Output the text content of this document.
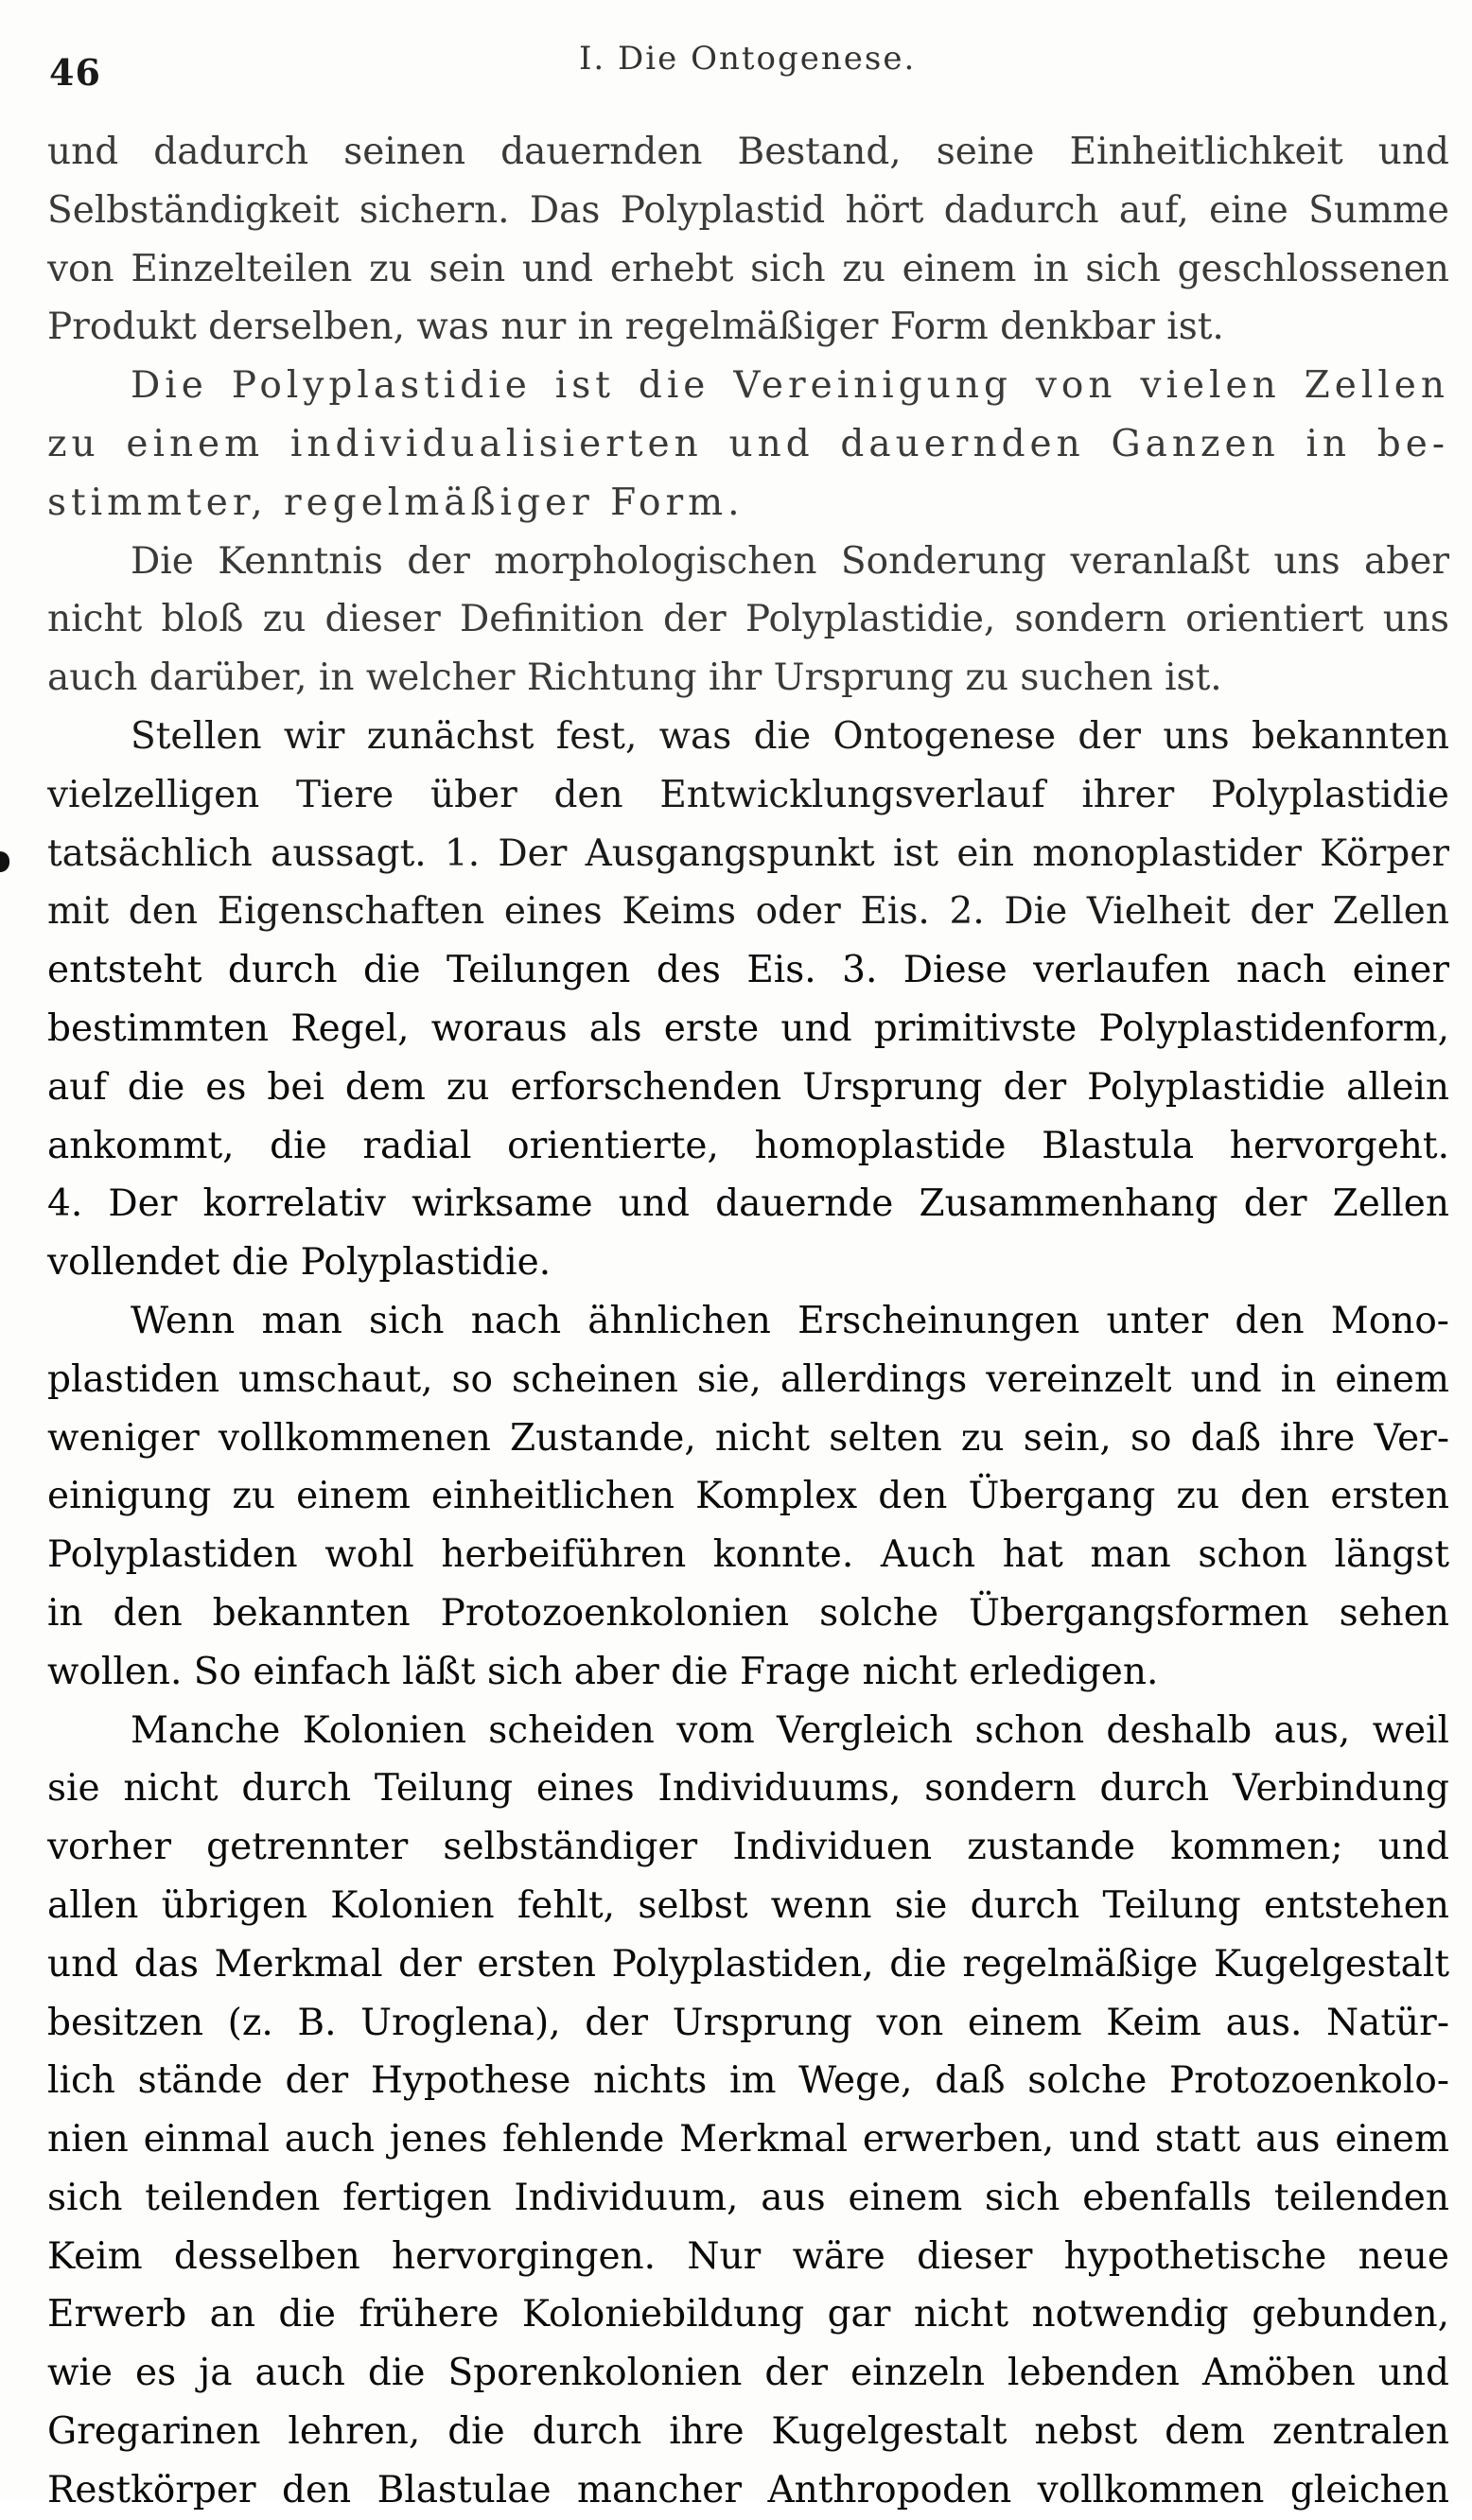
46	I. Die Ontogenese.
und dadurch seinen dauernden Bestand, seine Einheitlichkeit und
Selbständigkeit sichern. Das Polyplastid hört dadurch auf, eine Summe
von Einzelteilen zu sein und erhebt sich zu einem in sich geschlossenen
Produkt derselben, was nur in regelmäßiger Form denkbar ist.
Die Polyplastidie ist die Vereinigung von vielen Zellen
zu einem individualisierten und dauernden Ganzen in be-
stimmter, regelmäßiger Form.
Die Kenntnis der morphologischen Sonderung veranlaßt uns aber
nicht bloß zu dieser Definition der Polyplastidie, sondern orientiert uns
auch darüber, in welcher Richtung ihr Ursprung zu suchen ist.
Stellen wir zunächst fest, was die Ontogenese der uns bekannten
vielzelligen Tiere über den Entwicklungsverlauf ihrer Polyplastidie
tatsächlich aussagt. 1. Der Ausgangspunkt ist ein monoplastider Körper
mit den Eigenschaften eines Keims oder Eis. 2. Die Vielheit der Zellen
entsteht durch die Teilungen des Eis. 3. Diese verlaufen nach einer
bestimmten Regel, woraus als erste und primitivste Polyplastidenform,
auf die es bei dem zu erforschenden Ursprung der Polyplastidie allein
ankommt, die radial orientierte, homoplastide Blastula hervorgeht.
4. Der korrelativ wirksame und dauernde Zusammenhang der Zellen
vollendet die Polyplastidie.
Wenn man sich nach ähnlichen Erscheinungen unter den Mono-
plastiden umschaut, so scheinen sie, allerdings vereinzelt und in einem
weniger vollkommenen Zustande, nicht selten zu sein, so daß ihre Ver-
einigung zu einem einheitlichen Komplex den Übergang zu den ersten
Polyplastiden wohl herbeiführen konnte. Auch hat man schon längst
in den bekannten Protozoenkolonien solche Übergangsformen sehen
wollen. So einfach läßt sich aber die Frage nicht erledigen.
Manche Kolonien scheiden vom Vergleich schon deshalb aus, weil
sie nicht durch Teilung eines Individuums, sondern durch Verbindung
vorher getrennter selbständiger Individuen zustande kommen; und
allen übrigen Kolonien fehlt, selbst wenn sie durch Teilung entstehen
und das Merkmal der ersten Polyplastiden, die regelmäßige Kugelgestalt
besitzen (z. B. Uroglena), der Ursprung von einem Keim aus. Natür-
lich stände der Hypothese nichts im Wege, daß solche Protozoenkolo-
nien einmal auch jenes fehlende Merkmal erwerben, und statt aus einem
sich teilenden fertigen Individuum, aus einem sich ebenfalls teilenden
Keim desselben hervorgingen. Nur wäre dieser hypothetische neue
Erwerb an die frühere Koloniebildung gar nicht notwendig gebunden,
wie es ja auch die Sporenkolonien der einzeln lebenden Amöben und
Gregarinen lehren, die durch ihre Kugelgestalt nebst dem zentralen
Restkörper den Blastulae mancher Anthropoden vollkommen gleichen
